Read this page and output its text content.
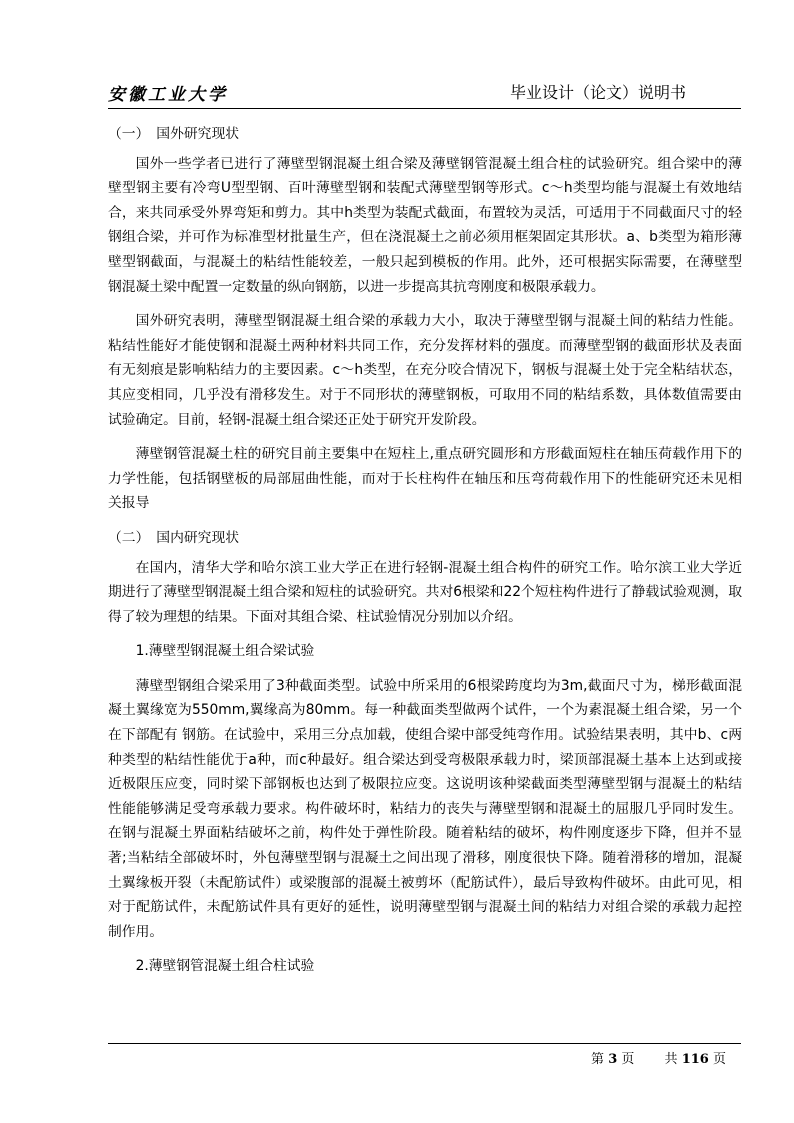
安徽工业大学	毕业设计（论文）说明书

（一）　国外研究现状

国外一些学者已进行了薄壁型钢混凝土组合梁及薄壁钢管混凝土组合柱的试验研究。组合梁中的薄壁型钢主要有冷弯U型型钢、百叶薄壁型钢和装配式薄壁型钢等形式。c～h类型均能与混凝土有效地结合，来共同承受外界弯矩和剪力。其中h类型为装配式截面，布置较为灵活，可适用于不同截面尺寸的轻钢组合梁，并可作为标准型材批量生产，但在浇混凝土之前必须用框架固定其形状。a、b类型为箱形薄壁型钢截面，与混凝土的粘结性能较差，一般只起到模板的作用。此外，还可根据实际需要，在薄壁型钢混凝土梁中配置一定数量的纵向钢筋，以进一步提高其抗弯刚度和极限承载力。

国外研究表明，薄壁型钢混凝土组合梁的承载力大小，取决于薄壁型钢与混凝土间的粘结力性能。粘结性能好才能使钢和混凝土两种材料共同工作，充分发挥材料的强度。而薄壁型钢的截面形状及表面有无刻痕是影响粘结力的主要因素。c～h类型，在充分咬合情况下，钢板与混凝土处于完全粘结状态，其应变相同，几乎没有滑移发生。对于不同形状的薄壁钢板，可取用不同的粘结系数，具体数值需要由试验确定。目前，轻钢-混凝土组合梁还正处于研究开发阶段。

薄壁钢管混凝土柱的研究目前主要集中在短柱上,重点研究圆形和方形截面短柱在轴压荷载作用下的力学性能，包括钢壁板的局部屈曲性能，而对于长柱构件在轴压和压弯荷载作用下的性能研究还未见相关报导

（二）　国内研究现状

在国内，清华大学和哈尔滨工业大学正在进行轻钢-混凝土组合构件的研究工作。哈尔滨工业大学近期进行了薄壁型钢混凝土组合梁和短柱的试验研究。共对6根梁和22个短柱构件进行了静载试验观测，取得了较为理想的结果。下面对其组合梁、柱试验情况分别加以介绍。

1.薄壁型钢混凝土组合梁试验

薄壁型钢组合梁采用了3种截面类型。试验中所采用的6根梁跨度均为3m,截面尺寸为，梯形截面混凝土翼缘宽为550mm,翼缘高为80mm。每一种截面类型做两个试件，一个为素混凝土组合梁，另一个在下部配有 钢筋。在试验中，采用三分点加载，使组合梁中部受纯弯作用。试验结果表明，其中b、c两种类型的粘结性能优于a种，而c种最好。组合梁达到受弯极限承载力时，梁顶部混凝土基本上达到或接近极限压应变，同时梁下部钢板也达到了极限拉应变。这说明该种梁截面类型薄壁型钢与混凝土的粘结性能能够满足受弯承载力要求。构件破坏时，粘结力的丧失与薄壁型钢和混凝土的屈服几乎同时发生。在钢与混凝土界面粘结破坏之前，构件处于弹性阶段。随着粘结的破坏，构件刚度逐步下降，但并不显著;当粘结全部破坏时，外包薄壁型钢与混凝土之间出现了滑移，刚度很快下降。随着滑移的增加，混凝土翼缘板开裂（未配筋试件）或梁腹部的混凝土被剪坏（配筋试件），最后导致构件破坏。由此可见，相对于配筋试件，未配筋试件具有更好的延性，说明薄壁型钢与混凝土间的粘结力对组合梁的承载力起控制作用。

2.薄壁钢管混凝土组合柱试验

第 3 页 共 116 页
